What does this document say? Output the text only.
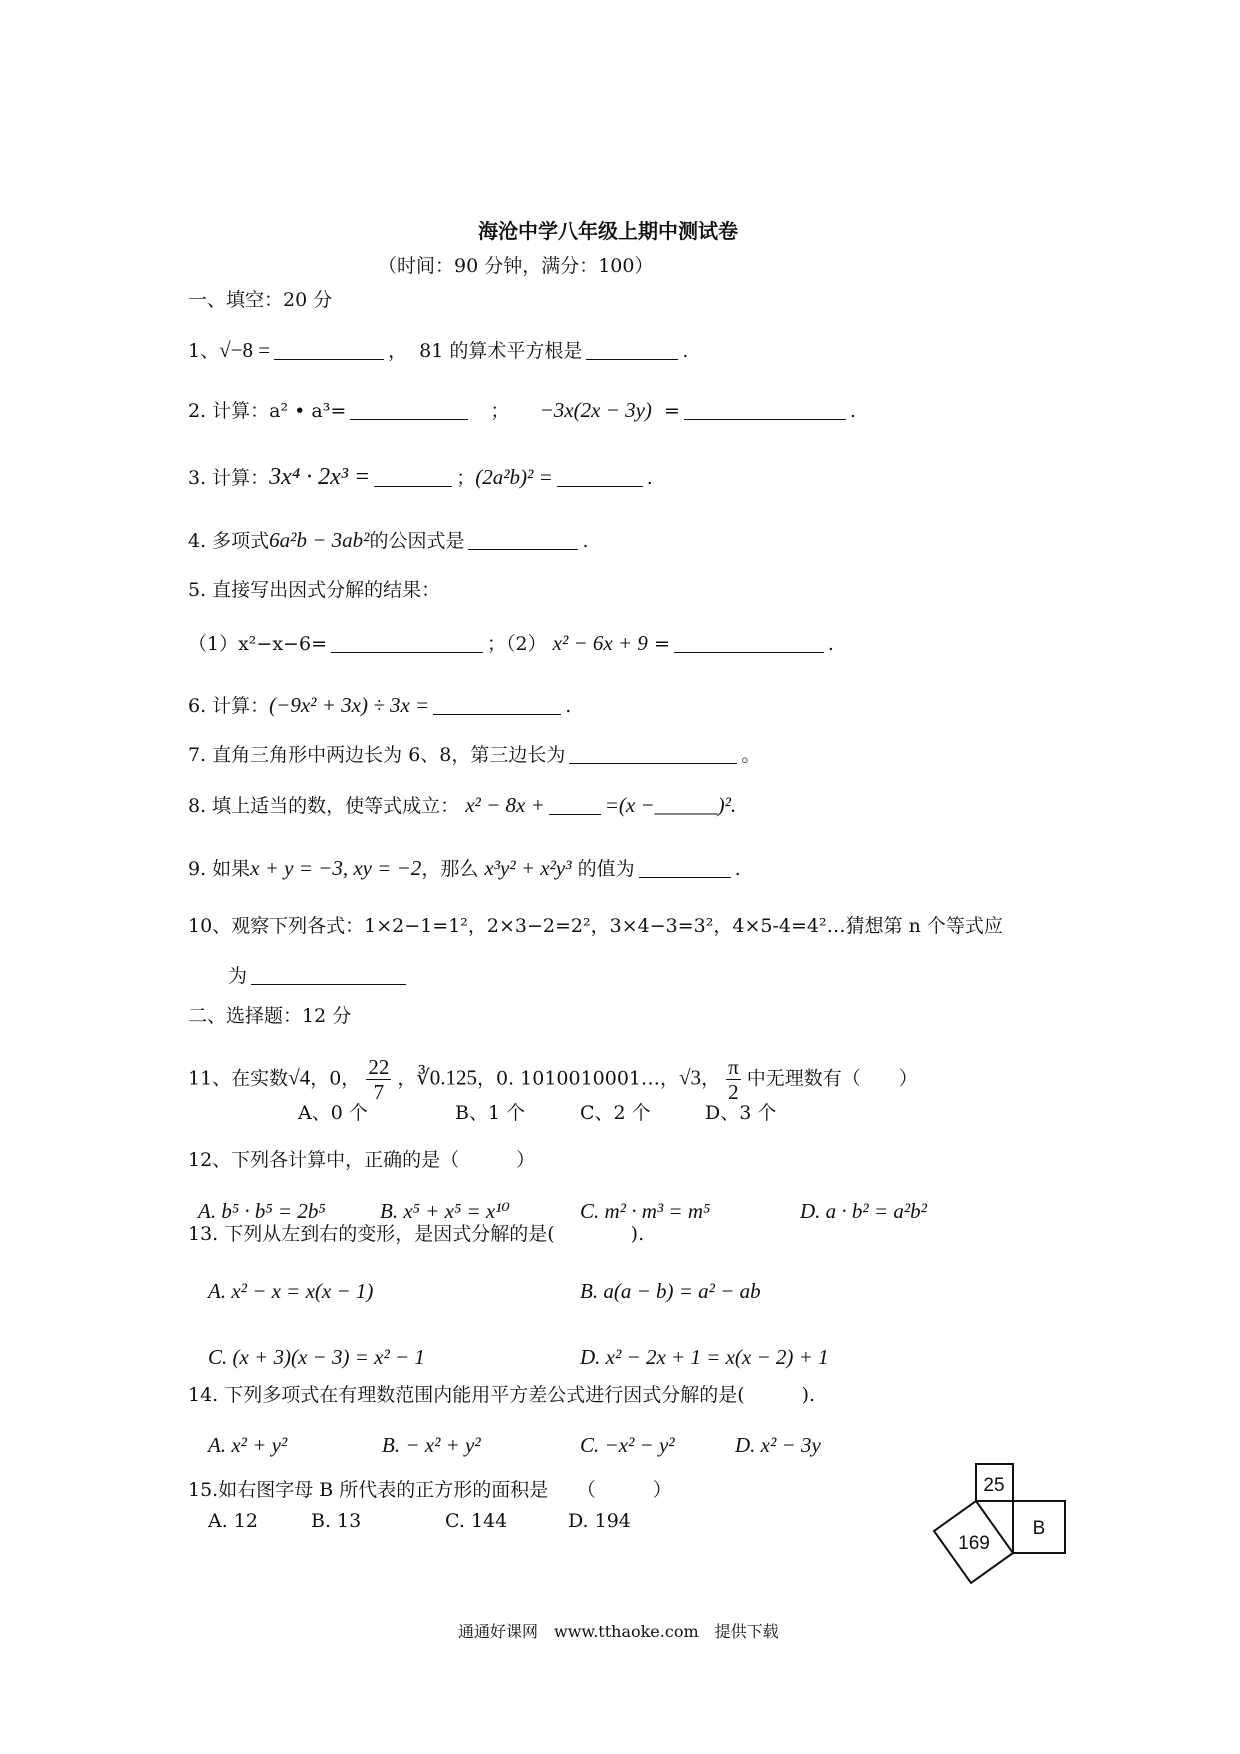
海沧中学八年级上期中测试卷
（时间：90 分钟，满分：100）
一、填空：20 分
1、√−8 =	， 81 的算术平方根是	.
2. 计算：a² • a³=	； −3x(2x − 3y) =	.
3. 计算：3x⁴ · 2x³ =	；(2a²b)² =	.
4. 多项式6a²b − 3ab²的公因式是	.
5. 直接写出因式分解的结果：
（1）x²−x−6=	；（2） x² − 6x + 9 =	.
6. 计算：(−9x² + 3x) ÷ 3x =	.
7. 直角三角形中两边长为 6、8，第三边长为	。
8. 填上适当的数，使等式成立： x² − 8x +	=(x −______)².
9. 如果x + y = −3, xy = −2，那么 x³y² + x²y³ 的值为	.
10、观察下列各式：1×2−1=1²，2×3−2=2²，3×4−3=3²，4×5-4=4²…猜想第 n 个等式应
为
二、选择题：12 分
11、在实数√4，0， $\frac{22}{7}$ ，∛0.125，0. 1010010001…，√3， $\frac{\pi}{2}$ 中无理数有（　　）
A、0 个	B、1 个	C、2 个	D、3 个
12、下列各计算中，正确的是（　　　）
A. b⁵ · b⁵ = 2b⁵	B. x⁵ + x⁵ = x¹⁰	C. m² · m³ = m⁵	D. a · b² = a²b²
13. 下列从左到右的变形，是因式分解的是(　　　　).
A. x² − x = x(x − 1)	B. a(a − b) = a² − ab
C. (x + 3)(x − 3) = x² − 1	D. x² − 2x + 1 = x(x − 2) + 1
14. 下列多项式在有理数范围内能用平方差公式进行因式分解的是(　　　).
A. x² + y²	B. − x² + y²	C. −x² − y²	D. x² − 3y
15.如右图字母 B 所代表的正方形的面积是　　（　　　）
A. 12	B. 13	C. 144	D. 194
25
169
B
通通好课网　www.tthaoke.com　提供下载
